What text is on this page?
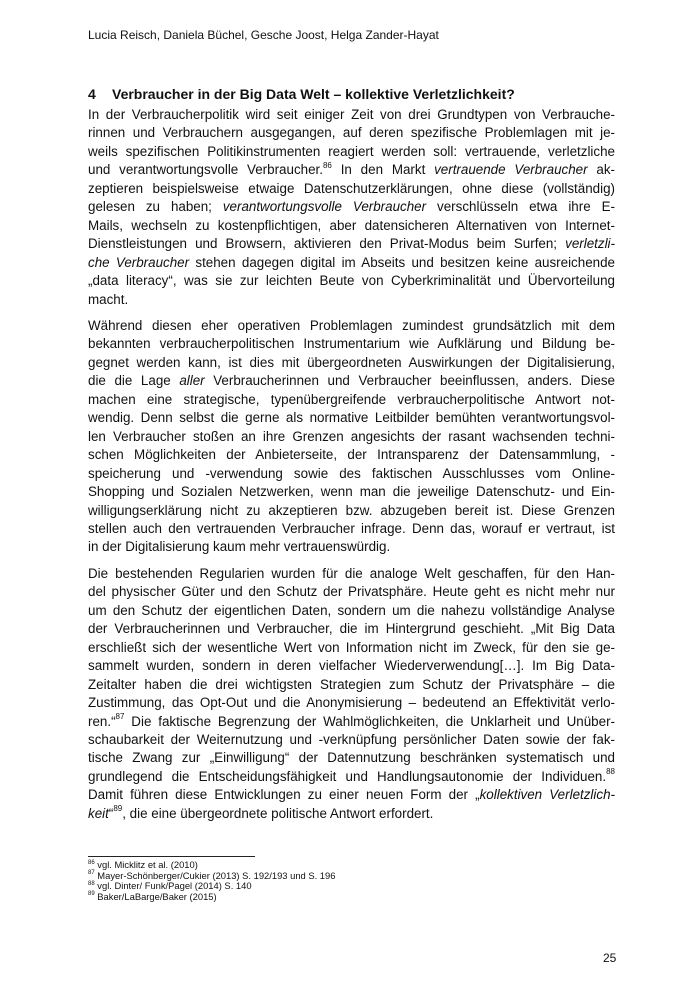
Lucia Reisch, Daniela Büchel, Gesche Joost, Helga Zander-Hayat
4 Verbraucher in der Big Data Welt – kollektive Verletzlichkeit?

In der Verbraucherpolitik wird seit einiger Zeit von drei Grundtypen von Verbrauche-
rinnen und Verbrauchern ausgegangen, auf deren spezifische Problemlagen mit je-
weils spezifischen Politikinstrumenten reagiert werden soll: vertrauende, verletzliche
und verantwortungsvolle Verbraucher.$^{86}$ In den Markt vertrauende Verbraucher ak-
zeptieren beispielsweise etwaige Datenschutzerklärungen, ohne diese (vollständig)
gelesen zu haben; verantwortungsvolle Verbraucher verschlüsseln etwa ihre E-
Mails, wechseln zu kostenpflichtigen, aber datensicheren Alternativen von Internet-
Dienstleistungen und Browsern, aktivieren den Privat-Modus beim Surfen; verletzli-
che Verbraucher stehen dagegen digital im Abseits und besitzen keine ausreichende
„data literacy“, was sie zur leichten Beute von Cyberkriminalität und Übervorteilung
macht.

Während diesen eher operativen Problemlagen zumindest grundsätzlich mit dem
bekannten verbraucherpolitischen Instrumentarium wie Aufklärung und Bildung be-
gegnet werden kann, ist dies mit übergeordneten Auswirkungen der Digitalisierung,
die die Lage aller Verbraucherinnen und Verbraucher beeinflussen, anders. Diese
machen eine strategische, typenübergreifende verbraucherpolitische Antwort not-
wendig. Denn selbst die gerne als normative Leitbilder bemühten verantwortungsvol-
len Verbraucher stoßen an ihre Grenzen angesichts der rasant wachsenden techni-
schen Möglichkeiten der Anbieterseite, der Intransparenz der Datensammlung, -
speicherung und -verwendung sowie des faktischen Ausschlusses vom Online-
Shopping und Sozialen Netzwerken, wenn man die jeweilige Datenschutz- und Ein-
willigungserklärung nicht zu akzeptieren bzw. abzugeben bereit ist. Diese Grenzen
stellen auch den vertrauenden Verbraucher infrage. Denn das, worauf er vertraut, ist
in der Digitalisierung kaum mehr vertrauenswürdig.

Die bestehenden Regularien wurden für die analoge Welt geschaffen, für den Han-
del physischer Güter und den Schutz der Privatsphäre. Heute geht es nicht mehr nur
um den Schutz der eigentlichen Daten, sondern um die nahezu vollständige Analyse
der Verbraucherinnen und Verbraucher, die im Hintergrund geschieht. „Mit Big Data
erschließt sich der wesentliche Wert von Information nicht im Zweck, für den sie ge-
sammelt wurden, sondern in deren vielfacher Wiederverwendung[…]. Im Big Data-
Zeitalter haben die drei wichtigsten Strategien zum Schutz der Privatsphäre – die
Zustimmung, das Opt-Out und die Anonymisierung – bedeutend an Effektivität verlo-
ren.“$^{87}$ Die faktische Begrenzung der Wahlmöglichkeiten, die Unklarheit und Unüber-
schaubarkeit der Weiternutzung und -verknüpfung persönlicher Daten sowie der fak-
tische Zwang zur „Einwilligung“ der Datennutzung beschränken systematisch und
grundlegend die Entscheidungsfähigkeit und Handlungsautonomie der Individuen.$^{88}$
Damit führen diese Entwicklungen zu einer neuen Form der „kollektiven Verletzlich-
keit“$^{89}$, die eine übergeordnete politische Antwort erfordert.

$^{86}$ vgl. Micklitz et al. (2010)
$^{87}$ Mayer-Schönberger/Cukier (2013) S. 192/193 und S. 196
$^{88}$ vgl. Dinter/ Funk/Pagel (2014) S. 140
$^{89}$ Baker/LaBarge/Baker (2015)
25
